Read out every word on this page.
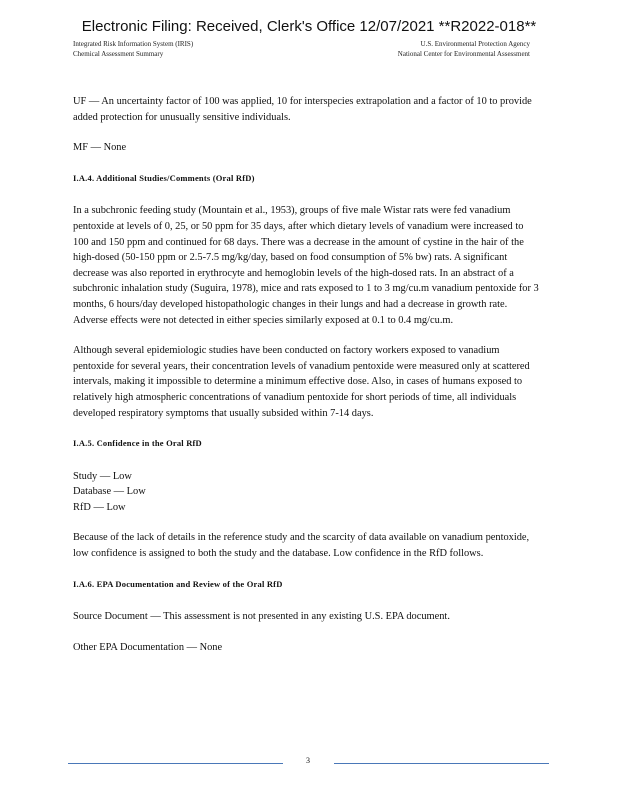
Electronic Filing: Received, Clerk's Office 12/07/2021 **R2022-018**
Integrated Risk Information System (IRIS)
Chemical Assessment Summary
U.S. Environmental Protection Agency
National Center for Environmental Assessment

UF — An uncertainty factor of 100 was applied, 10 for interspecies extrapolation and a factor of 10 to provide added protection for unusually sensitive individuals.

MF — None

I.A.4. Additional Studies/Comments (Oral RfD)

In a subchronic feeding study (Mountain et al., 1953), groups of five male Wistar rats were fed vanadium pentoxide at levels of 0, 25, or 50 ppm for 35 days, after which dietary levels of vanadium were increased to 100 and 150 ppm and continued for 68 days. There was a decrease in the amount of cystine in the hair of the high-dosed (50-150 ppm or 2.5-7.5 mg/kg/day, based on food consumption of 5% bw) rats. A significant decrease was also reported in erythrocyte and hemoglobin levels of the high-dosed rats. In an abstract of a subchronic inhalation study (Suguira, 1978), mice and rats exposed to 1 to 3 mg/cu.m vanadium pentoxide for 3 months, 6 hours/day developed histopathologic changes in their lungs and had a decrease in growth rate. Adverse effects were not detected in either species similarly exposed at 0.1 to 0.4 mg/cu.m.

Although several epidemiologic studies have been conducted on factory workers exposed to vanadium pentoxide for several years, their concentration levels of vanadium pentoxide were measured only at scattered intervals, making it impossible to determine a minimum effective dose. Also, in cases of humans exposed to relatively high atmospheric concentrations of vanadium pentoxide for short periods of time, all individuals developed respiratory symptoms that usually subsided within 7-14 days.

I.A.5. Confidence in the Oral RfD

Study — Low

Database — Low

RfD — Low

Because of the lack of details in the reference study and the scarcity of data available on vanadium pentoxide, low confidence is assigned to both the study and the database. Low confidence in the RfD follows.

I.A.6. EPA Documentation and Review of the Oral RfD

Source Document — This assessment is not presented in any existing U.S. EPA document.

Other EPA Documentation — None

3
